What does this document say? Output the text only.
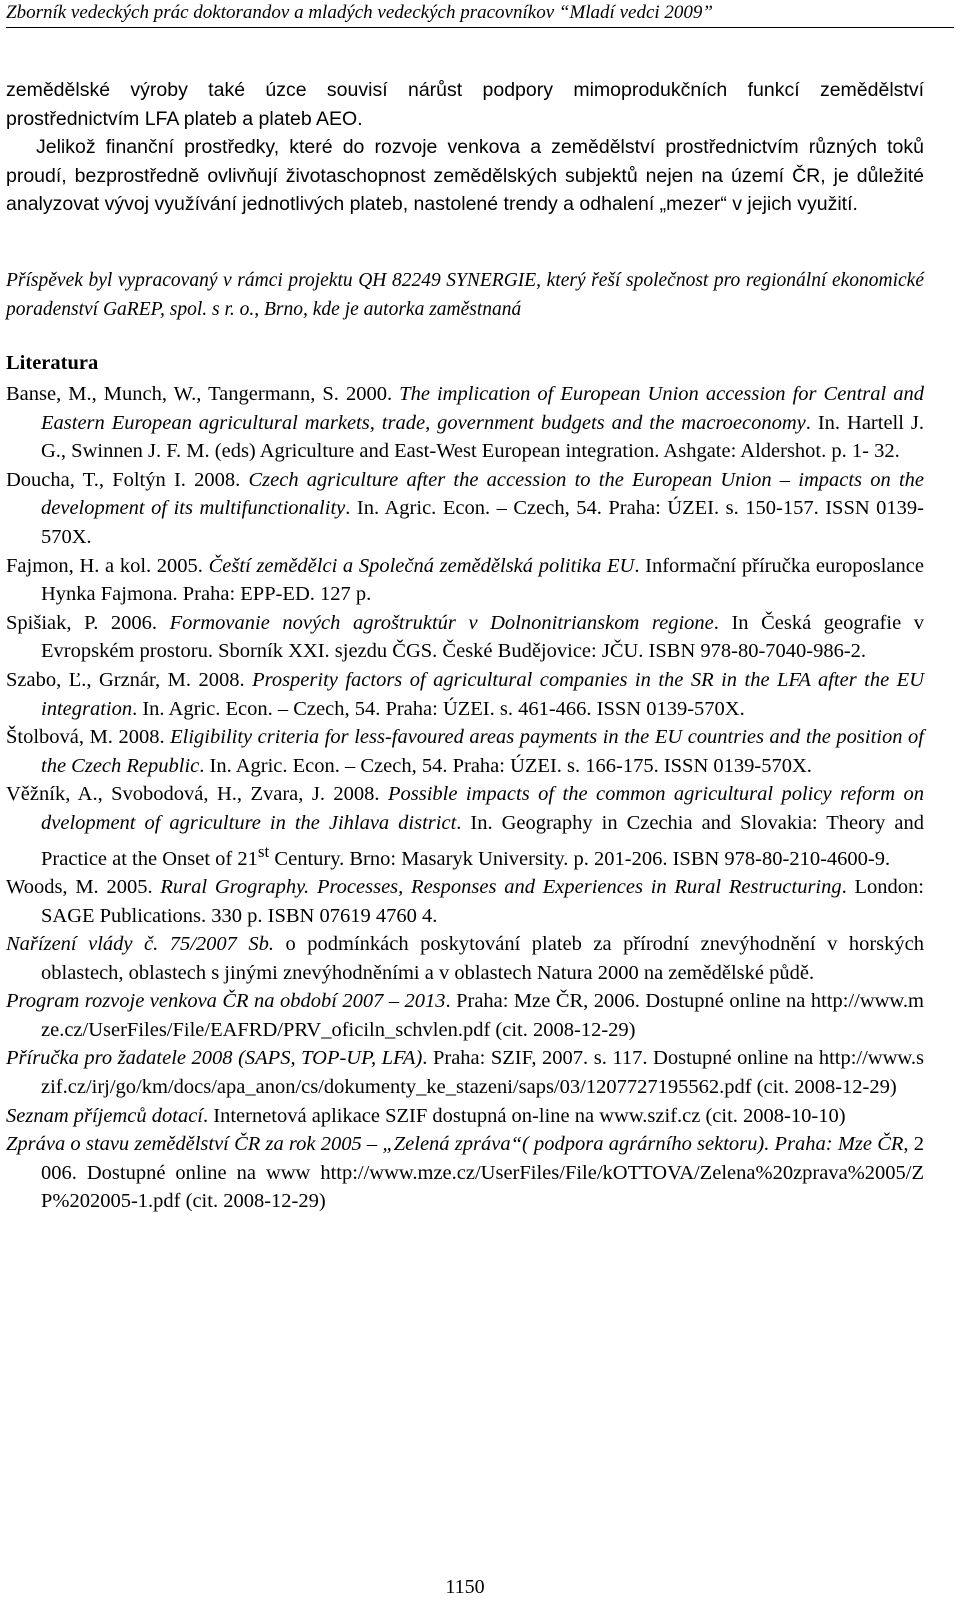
Zborník vedeckých prác doktorandov a mladých vedeckých pracovníkov “Mladí vedci 2009”

zemědělské výroby také úzce souvisí nárůst podpory mimoprodukčních funkcí zemědělství prostřednictvím LFA plateb a plateb AEO.

Jelikož finanční prostředky, které do rozvoje venkova a zemědělství prostřednictvím různých toků proudí, bezprostředně ovlivňují životaschopnost zemědělských subjektů nejen na území ČR, je důležité analyzovat vývoj využívání jednotlivých plateb, nastolené trendy a odhalení „mezer“ v jejich využití.

Příspěvek byl vypracovaný v rámci projektu QH 82249 SYNERGIE, který řeší společnost pro regionální ekonomické poradenství GaREP, spol. s r. o., Brno, kde je autorka zaměstnaná

Literatura

Banse, M., Munch, W., Tangermann, S. 2000. The implication of European Union accession for Central and Eastern European agricultural markets, trade, government budgets and the macroeconomy. In. Hartell J. G., Swinnen J. F. M. (eds) Agriculture and East-West European integration. Ashgate: Aldershot. p. 1- 32.

Doucha, T., Foltýn I. 2008. Czech agriculture after the accession to the European Union – impacts on the development of its multifunctionality. In. Agric. Econ. – Czech, 54. Praha: ÚZEI. s. 150-157. ISSN 0139-570X.

Fajmon, H. a kol. 2005. Čeští zemědělci a Společná zemědělská politika EU. Informační příručka europoslance Hynka Fajmona. Praha: EPP-ED. 127 p.

Spišiak, P. 2006. Formovanie nových agroštruktúr v Dolnonitrianskom regione. In Česká geografie v Evropském prostoru. Sborník XXI. sjezdu ČGS. České Budějovice: JČU. ISBN 978-80-7040-986-2.

Szabo, Ľ., Grznár, M. 2008. Prosperity factors of agricultural companies in the SR in the LFA after the EU integration. In. Agric. Econ. – Czech, 54. Praha: ÚZEI. s. 461-466. ISSN 0139-570X.

Štolbová, M. 2008. Eligibility criteria for less-favoured areas payments in the EU countries and the position of the Czech Republic. In. Agric. Econ. – Czech, 54. Praha: ÚZEI. s. 166-175. ISSN 0139-570X.

Věžník, A., Svobodová, H., Zvara, J. 2008. Possible impacts of the common agricultural policy reform on dvelopment of agriculture in the Jihlava district. In. Geography in Czechia and Slovakia: Theory and Practice at the Onset of 21st Century. Brno: Masaryk University. p. 201-206. ISBN 978-80-210-4600-9.

Woods, M. 2005. Rural Grography. Processes, Responses and Experiences in Rural Restructuring. London: SAGE Publications. 330 p. ISBN 07619 4760 4.

Nařízení vlády č. 75/2007 Sb. o podmínkách poskytování plateb za přírodní znevýhodnění v horských oblastech, oblastech s jinými znevýhodněními a v oblastech Natura 2000 na zemědělské půdě.

Program rozvoje venkova ČR na období 2007 – 2013. Praha: Mze ČR, 2006. Dostupné online na http://www.mze.cz/UserFiles/File/EAFRD/PRV_oficiln_schvlen.pdf (cit. 2008-12-29)

Příručka pro žadatele 2008 (SAPS, TOP-UP, LFA). Praha: SZIF, 2007. s. 117. Dostupné online na http://www.szif.cz/irj/go/km/docs/apa_anon/cs/dokumenty_ke_stazeni/saps/03/1207727195562.pdf (cit. 2008-12-29)

Seznam příjemců dotací. Internetová aplikace SZIF dostupná on-line na www.szif.cz (cit. 2008-10-10)

Zpráva o stavu zemědělství ČR za rok 2005 – „Zelená zpráva“( podpora agrárního sektoru). Praha: Mze ČR, 2006. Dostupné online na www http://www.mze.cz/UserFiles/File/kOTTOVA/Zelena%20zprava%2005/ZP%202005-1.pdf (cit. 2008-12-29)

1150
